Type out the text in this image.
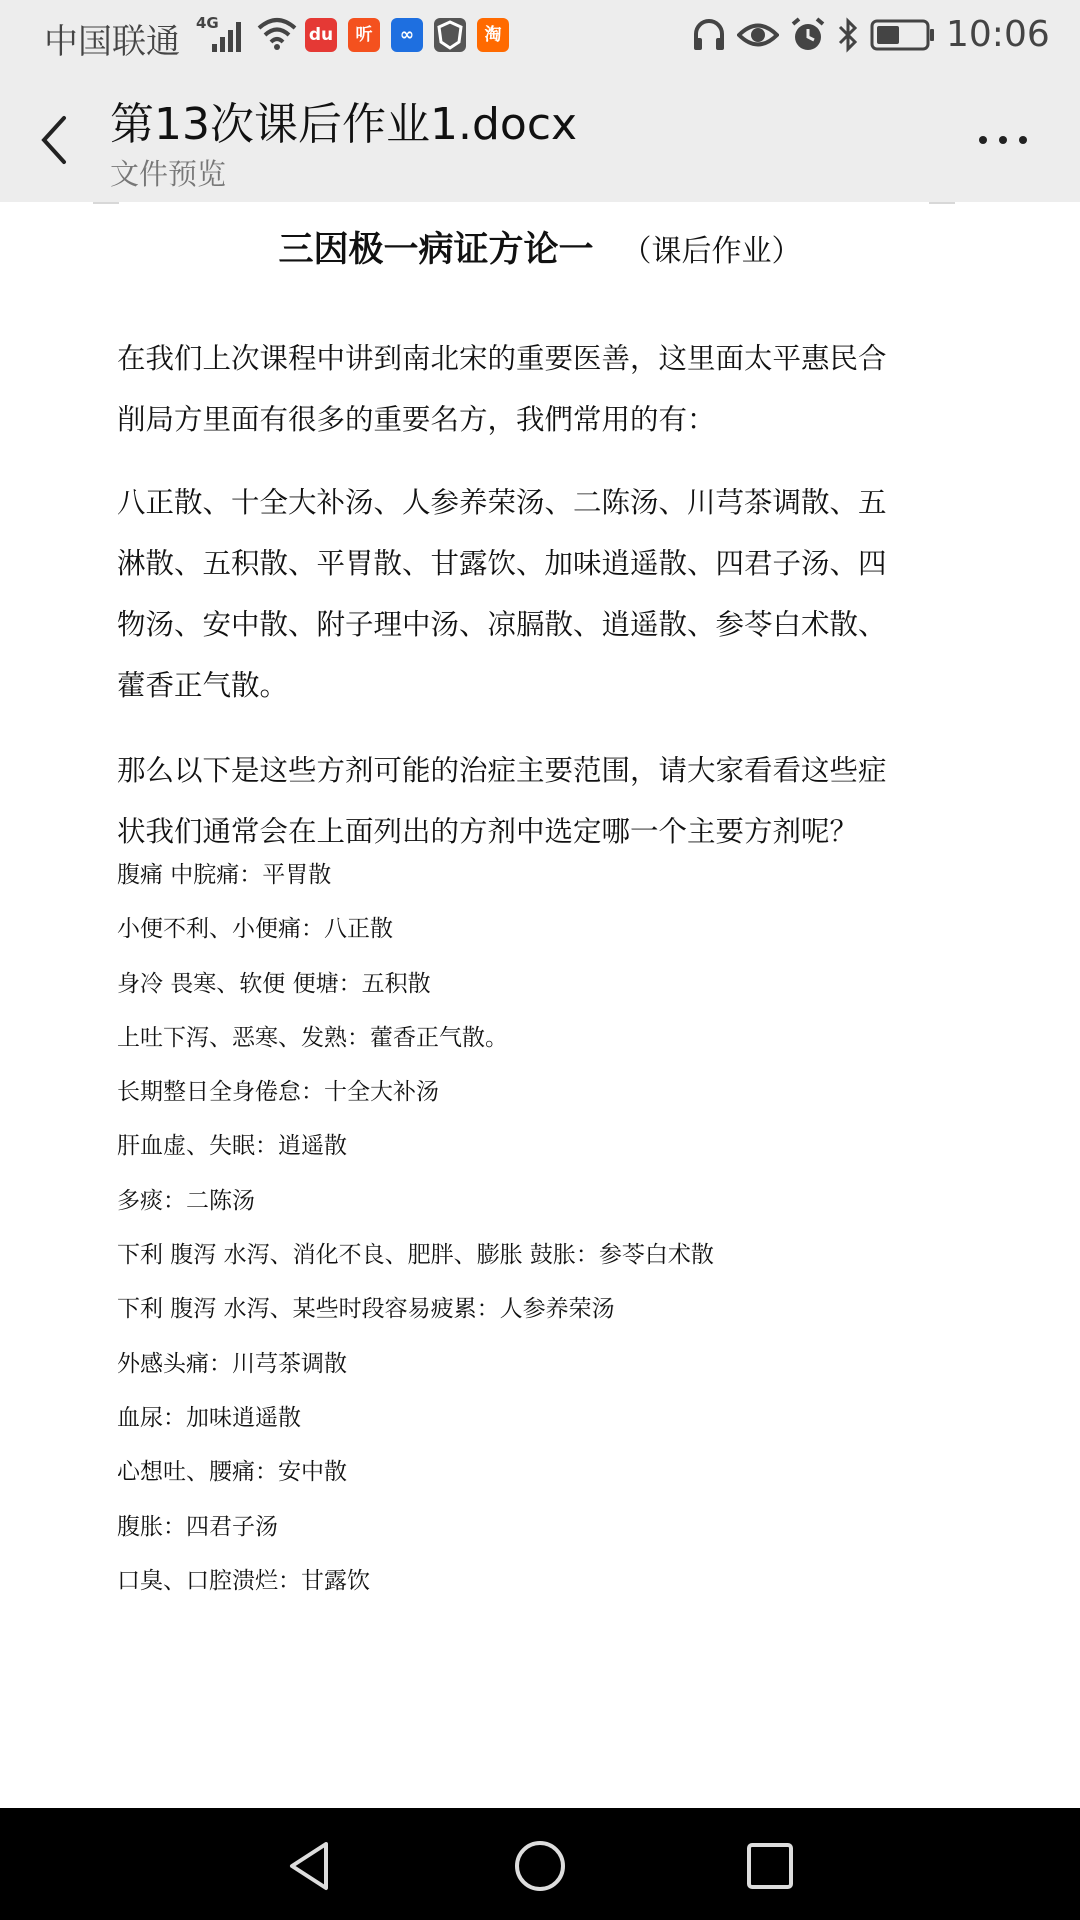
中国联通 4G
du	听	∞	淘	10:06
第13次课后作业1.docx
文件预览
三因极一病证方论一 （课后作业）
在我们上次课程中讲到南北宋的重要医善，这里面太平惠民合
削局方里面有很多的重要名方，我們常用的有：
八正散、十全大补汤、人参养荣汤、二陈汤、川芎茶调散、五
淋散、五积散、平胃散、甘露饮、加味逍遥散、四君子汤、四
物汤、安中散、附子理中汤、凉膈散、逍遥散、参苓白术散、
藿香正气散。
那么以下是这些方剂可能的治症主要范围，请大家看看这些症
状我们通常会在上面列出的方剂中选定哪一个主要方剂呢？
腹痛 中脘痛：平胃散
小便不利、小便痛：八正散
身冷 畏寒、软便 便塘：五积散
上吐下泻、恶寒、发熟：藿香正气散。
长期整日全身倦怠：十全大补汤
肝血虚、失眠：逍遥散
多痰：二陈汤
下利 腹泻 水泻、消化不良、肥胖、膨胀 鼓胀：参苓白术散
下利 腹泻 水泻、某些时段容易疲累：人参养荣汤
外感头痛：川芎茶调散
血尿：加味逍遥散
心想吐、腰痛：安中散
腹胀：四君子汤
口臭、口腔溃烂：甘露饮
